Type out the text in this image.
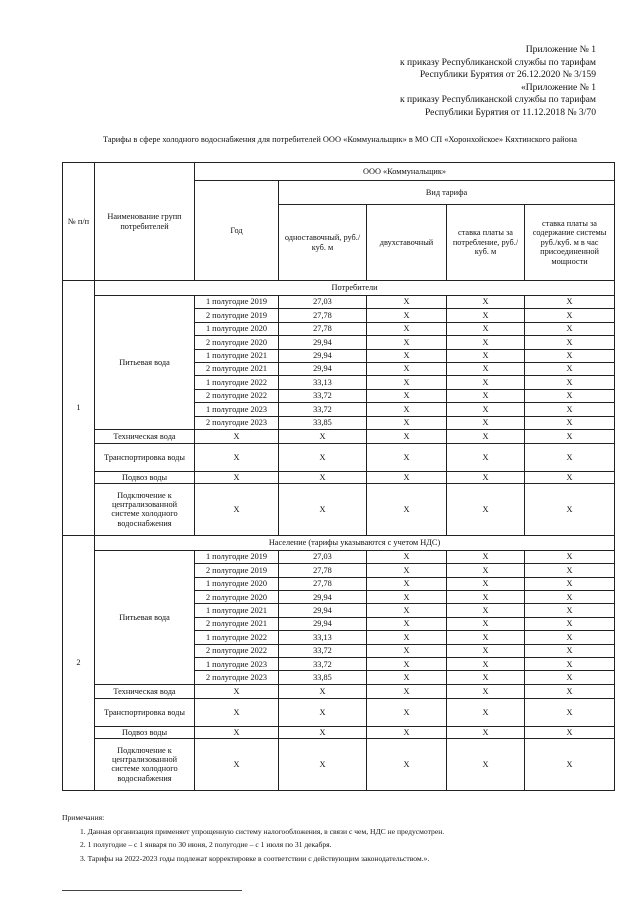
Приложение № 1
к приказу Республиканской службы по тарифам
Республики Бурятия от 26.12.2020 № 3/159
«Приложение № 1
к приказу Республиканской службы по тарифам
Республики Бурятия от 11.12.2018 № 3/70
Тарифы в сфере холодного водоснабжения для потребителей ООО «Коммунальщик» в МО СП «Хоронхойское» Кяхтинского района
№ п/п	Наименование групп потребителей	ООО «Коммунальщик»				
		Год	Вид тарифа			
			одноставочный, руб./ куб. м	двухставочный	ставка платы за потребление, руб./ куб. м	ставка платы за содержание системы руб./куб. м в час присоединенной мощности
1	Потребители					
	Питьевая вода	1 полугодие 2019	27,03	X	X	X
		2 полугодие 2019	27,78	X	X	X
		1 полугодие 2020	27,78	X	X	X
		2 полугодие 2020	29,94	X	X	X
		1 полугодие 2021	29,94	X	X	X
		2 полугодие 2021	29,94	X	X	X
		1 полугодие 2022	33,13	X	X	X
		2 полугодие 2022	33,72	X	X	X
		1 полугодие 2023	33,72	X	X	X
		2 полугодие 2023	33,85	X	X	X
	Техническая вода	X	X	X	X	X
	Транспортировка воды	X	X	X	X	X
	Подвоз воды	X	X	X	X	X
	Подключение к централизованной системе холодного водоснабжения	X	X	X	X	X
2	Население (тарифы указываются с учетом НДС)					
	Питьевая вода	1 полугодие 2019	27,03	X	X	X
		2 полугодие 2019	27,78	X	X	X
		1 полугодие 2020	27,78	X	X	X
		2 полугодие 2020	29,94	X	X	X
		1 полугодие 2021	29,94	X	X	X
		2 полугодие 2021	29,94	X	X	X
		1 полугодие 2022	33,13	X	X	X
		2 полугодие 2022	33,72	X	X	X
		1 полугодие 2023	33,72	X	X	X
		2 полугодие 2023	33,85	X	X	X
	Техническая вода	X	X	X	X	X
	Транспортировка воды	X	X	X	X	X
	Подвоз воды	X	X	X	X	X
	Подключение к централизованной системе холодного водоснабжения	X	X	X	X	X
Примечания:
1. Данная организация применяет упрощенную систему налогообложения, в связи с чем, НДС не предусмотрен.
2. 1 полугодие – с 1 января по 30 июня, 2 полугодие – с 1 июля по 31 декабря.
3. Тарифы на 2022-2023 годы подлежат корректировке в соответствии с действующим законодательством.».
